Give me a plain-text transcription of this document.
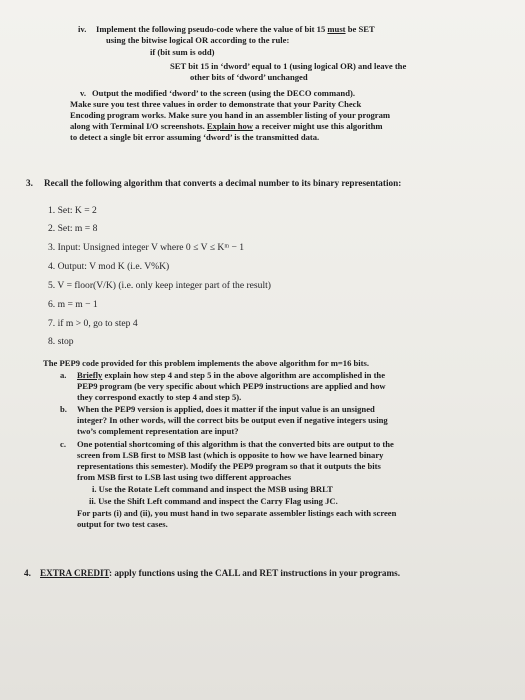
iv. Implement the following pseudo-code where the value of bit 15 must be SET
using the bitwise logical OR according to the rule:
if (bit sum is odd)
SET bit 15 in ‘dword’ equal to 1 (using logical OR) and leave the
other bits of ‘dword’ unchanged
v. Output the modified ‘dword’ to the screen (using the DECO command).
Make sure you test three values in order to demonstrate that your Parity Check
Encoding program works. Make sure you hand in an assembler listing of your program
along with Terminal I/O screenshots. Explain how a receiver might use this algorithm
to detect a single bit error assuming ‘dword’ is the transmitted data.
3. Recall the following algorithm that converts a decimal number to its binary representation:
1. Set: K = 2
2. Set: m = 8
3. Input: Unsigned integer V where 0 ≤ V ≤ Kᵐ − 1
4. Output: V mod K (i.e. V%K)
5. V = floor(V/K) (i.e. only keep integer part of the result)
6. m = m − 1
7. if m > 0, go to step 4
8. stop
The PEP9 code provided for this problem implements the above algorithm for m=16 bits.
a. Briefly explain how step 4 and step 5 in the above algorithm are accomplished in the
PEP9 program (be very specific about which PEP9 instructions are applied and how
they correspond exactly to step 4 and step 5).
b. When the PEP9 version is applied, does it matter if the input value is an unsigned
integer? In other words, will the correct bits be output even if negative integers using
two’s complement representation are input?
c. One potential shortcoming of this algorithm is that the converted bits are output to the
screen from LSB first to MSB last (which is opposite to how we have learned binary
representations this semester). Modify the PEP9 program so that it outputs the bits
from MSB first to LSB last using two different approaches
i. Use the Rotate Left command and inspect the MSB using BRLT
ii. Use the Shift Left command and inspect the Carry Flag using JC.
For parts (i) and (ii), you must hand in two separate assembler listings each with screen
output for two test cases.
4. EXTRA CREDIT: apply functions using the CALL and RET instructions in your programs.
